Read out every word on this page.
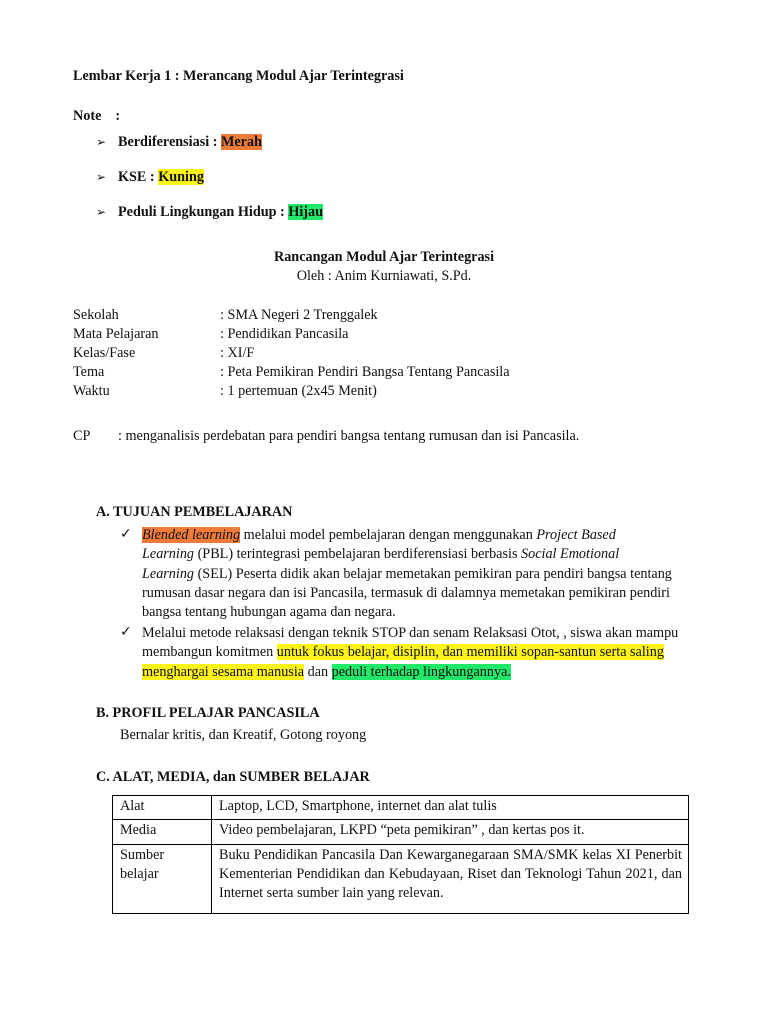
Lembar Kerja 1 : Merancang Modul Ajar Terintegrasi
Note :
➢ Berdiferensiasi : Merah
➢ KSE : Kuning
➢ Peduli Lingkungan Hidup : Hijau
Rancangan Modul Ajar Terintegrasi
Oleh : Anim Kurniawati, S.Pd.
Sekolah	: SMA Negeri 2 Trenggalek
Mata Pelajaran	: Pendidikan Pancasila
Kelas/Fase	: XI/F
Tema	: Peta Pemikiran Pendiri Bangsa Tentang Pancasila
Waktu	: 1 pertemuan (2x45 Menit)
CP : menganalisis perdebatan para pendiri bangsa tentang rumusan dan isi Pancasila.
A. TUJUAN PEMBELAJARAN
✓ Blended learning melalui model pembelajaran dengan menggunakan Project Based
Learning (PBL) terintegrasi pembelajaran berdiferensiasi berbasis Social Emotional
Learning (SEL) Peserta didik akan belajar memetakan pemikiran para pendiri bangsa tentang rumusan dasar negara dan isi Pancasila, termasuk di dalamnya memetakan pemikiran pendiri bangsa tentang hubungan agama dan negara.
✓ Melalui metode relaksasi dengan teknik STOP dan senam Relaksasi Otot, , siswa akan mampu membangun komitmen untuk fokus belajar, disiplin, dan memiliki sopan-santun serta saling menghargai sesama manusia dan peduli terhadap lingkungannya.
B. PROFIL PELAJAR PANCASILA
Bernalar kritis, dan Kreatif, Gotong royong
C. ALAT, MEDIA, dan SUMBER BELAJAR
Alat	Laptop, LCD, Smartphone, internet dan alat tulis
Media	Video pembelajaran, LKPD “peta pemikiran” , dan kertas pos it.
Sumber belajar	Buku Pendidikan Pancasila Dan Kewarganegaraan SMA/SMK kelas XI Penerbit Kementerian Pendidikan dan Kebudayaan, Riset dan Teknologi Tahun 2021, dan Internet serta sumber lain yang relevan.
